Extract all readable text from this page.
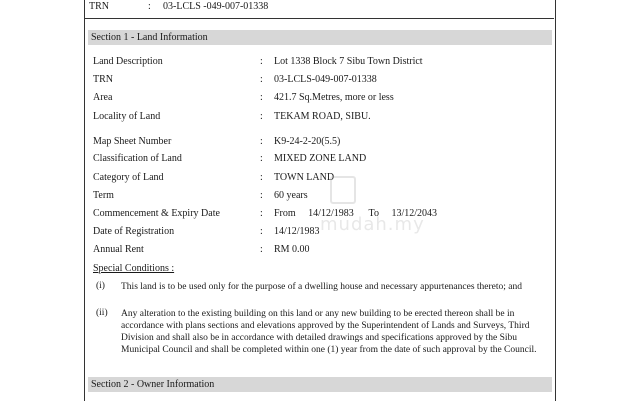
TRN	: 03-LCLS -049-007-01338
Section 1 - Land Information
Land Description	: Lot 1338 Block 7 Sibu Town District
TRN	: 03-LCLS-049-007-01338
Area	: 421.7 Sq.Metres, more or less
Locality of Land	: TEKAM ROAD, SIBU.
Map Sheet Number	: K9-24-2-20(5.5)
Classification of Land	: MIXED ZONE LAND
Category of Land	: TOWN LAND
Term	: 60 years
Commencement & Expiry Date	: From     14/12/1983      To     13/12/2043
Date of Registration	: 14/12/1983
Annual Rent	: RM 0.00
Special Conditions :
(i) This land is to be used only for the purpose of a dwelling house and necessary appurtenances thereto; and
(ii) Any alteration to the existing building on this land or any new building to be erected thereon shall be in accordance with plans sections and elevations approved by the Superintendent of Lands and Surveys, Third Division and shall also be in accordance with detailed drawings and specifications approved by the Sibu Municipal Council and shall be completed within one (1) year from the date of such approval by the Council.
Section 2 - Owner Information
mudah.my
